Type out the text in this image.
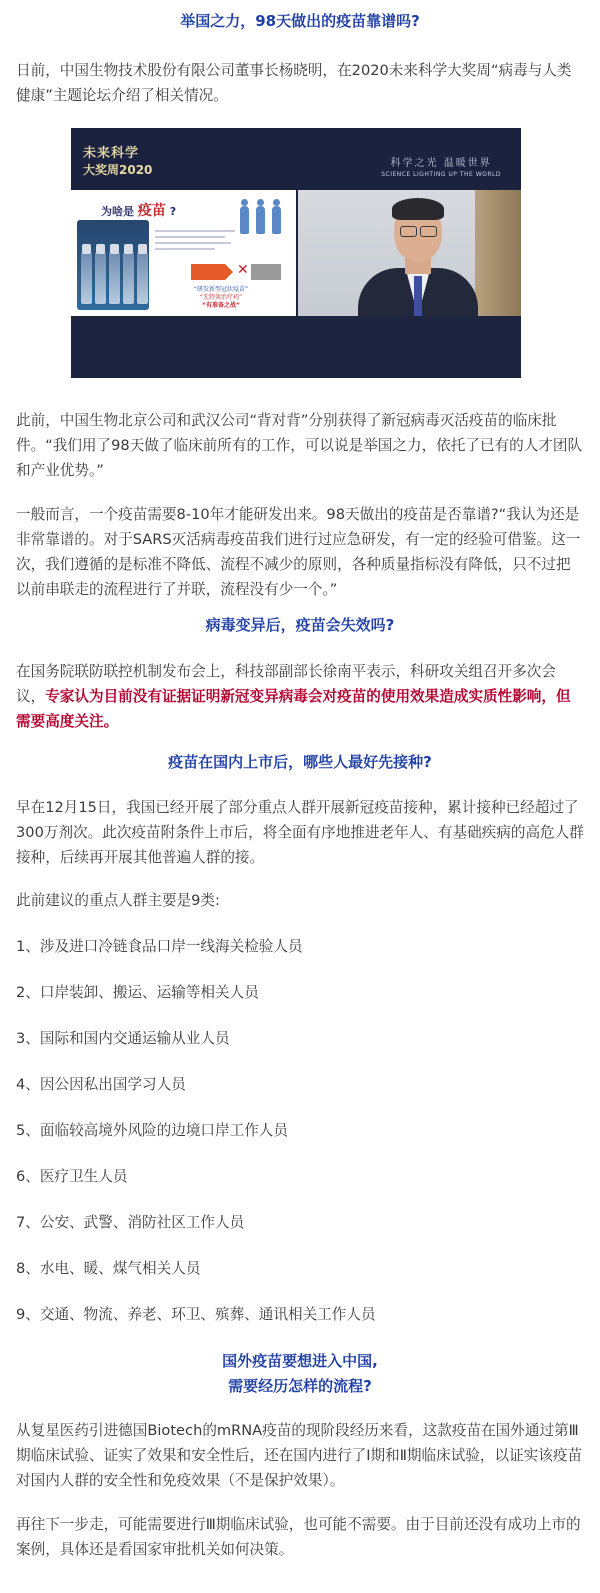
举国之力，98天做出的疫苗靠谱吗?

日前，中国生物技术股份有限公司董事长杨晓明，在2020未来科学大奖周“病毒与人类健康”主题论坛介绍了相关情况。

未来科学
大奖周2020	科学之光 温暖世界
SCIENCE LIGHTING UP THE WORLD
为啥是 疫苗 ?
✕
“研发新型冠状疫苗”
“无特效治疗药”
“有准备之战”

此前，中国生物北京公司和武汉公司“背对背”分别获得了新冠病毒灭活疫苗的临床批件。“我们用了98天做了临床前所有的工作，可以说是举国之力，依托了已有的人才团队和产业优势。”

一般而言，一个疫苗需要8-10年才能研发出来。98天做出的疫苗是否靠谱?“我认为还是非常靠谱的。对于SARS灭活病毒疫苗我们进行过应急研发，有一定的经验可借鉴。这一次，我们遵循的是标准不降低、流程不减少的原则，各种质量指标没有降低，只不过把以前串联走的流程进行了并联，流程没有少一个。”

病毒变异后，疫苗会失效吗?

在国务院联防联控机制发布会上，科技部副部长徐南平表示，科研攻关组召开多次会议，专家认为目前没有证据证明新冠变异病毒会对疫苗的使用效果造成实质性影响，但需要高度关注。

疫苗在国内上市后，哪些人最好先接种?

早在12月15日，我国已经开展了部分重点人群开展新冠疫苗接种，累计接种已经超过了300万剂次。此次疫苗附条件上市后，将全面有序地推进老年人、有基础疾病的高危人群接种，后续再开展其他普遍人群的接。

此前建议的重点人群主要是9类:

1、涉及进口冷链食品口岸一线海关检验人员
2、口岸装卸、搬运、运输等相关人员
3、国际和国内交通运输从业人员
4、因公因私出国学习人员
5、面临较高境外风险的边境口岸工作人员
6、医疗卫生人员
7、公安、武警、消防社区工作人员
8、水电、暖、煤气相关人员
9、交通、物流、养老、环卫、殡葬、通讯相关工作人员
国外疫苗要想进入中国,
需要经历怎样的流程?

从复星医药引进德国Biotech的mRNA疫苗的现阶段经历来看，这款疫苗在国外通过第Ⅲ期临床试验、证实了效果和安全性后，还在国内进行了Ⅰ期和Ⅱ期临床试验，以证实该疫苗对国内人群的安全性和免疫效果（不是保护效果）。

再往下一步走，可能需要进行Ⅲ期临床试验，也可能不需要。由于目前还没有成功上市的案例，具体还是看国家审批机关如何决策。
